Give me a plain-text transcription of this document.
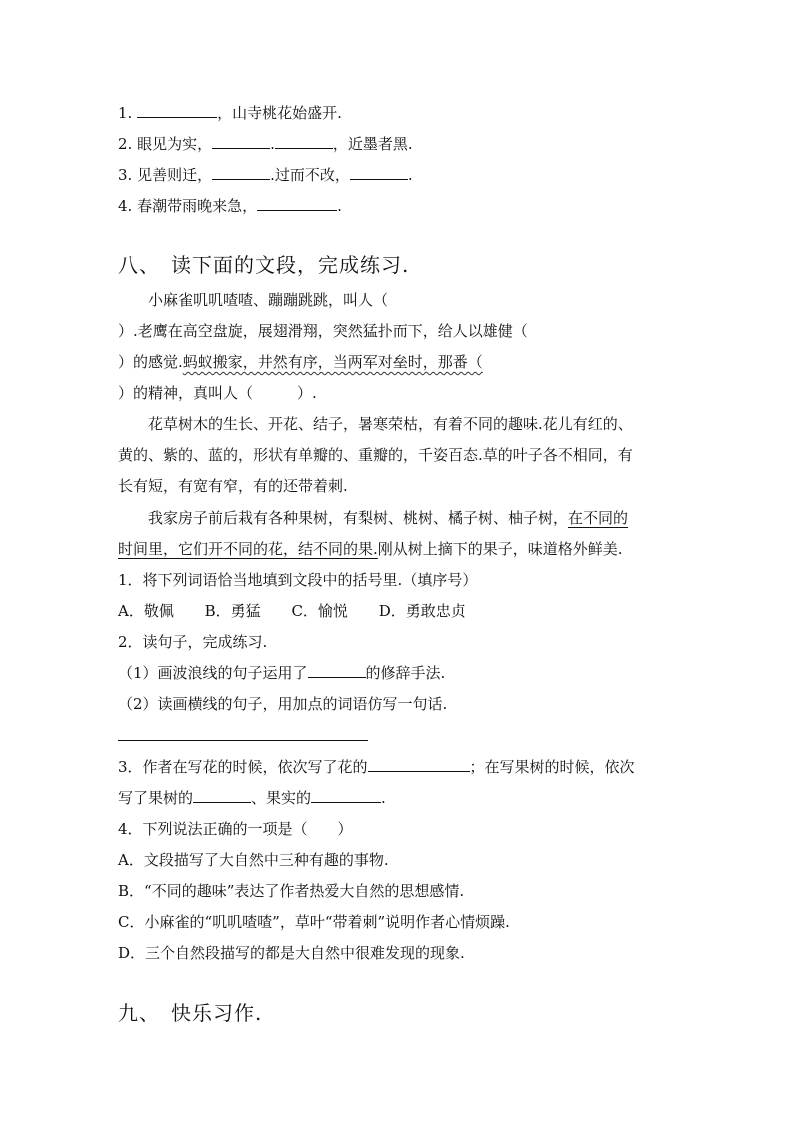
1.	，山寺桃花始盛开.
2. 眼见为实，	.	，近墨者黑.
3. 见善则迁，	.过而不改，	.
4. 春潮带雨晚来急，	.
八、　读下面的文段，完成练习.
小麻雀叽叽喳喳、蹦蹦跳跳，叫人（
）.老鹰在高空盘旋，展翅滑翔，突然猛扑而下，给人以雄健（
）的感觉.蚂蚁搬家，井然有序，当两军对垒时，那番（
）的精神，真叫人（	）.
花草树木的生长、开花、结子，暑寒荣枯，有着不同的趣味.花儿有红的、
黄的、紫的、蓝的，形状有单瓣的、重瓣的，千姿百态.草的叶子各不相同，有
长有短，有宽有窄，有的还带着刺.
我家房子前后栽有各种果树，有梨树、桃树、橘子树、柚子树，在不同的
时间里，它们开不同的花，结不同的果.刚从树上摘下的果子，味道格外鲜美.
1．将下列词语恰当地填到文段中的括号里.（填序号）
A．敬佩 B．勇猛 C．愉悦 D．勇敢忠贞
2．读句子，完成练习.
（1）画波浪线的句子运用了	的修辞手法.
（2）读画横线的句子，用加点的词语仿写一句话.
3．作者在写花的时候，依次写了花的	；在写果树的时候，依次
写了果树的	、果实的	.
4．下列说法正确的一项是（　　）
A．文段描写了大自然中三种有趣的事物.
B．“不同的趣味”表达了作者热爱大自然的思想感情.
C．小麻雀的“叽叽喳喳”，草叶“带着刺”说明作者心情烦躁.
D．三个自然段描写的都是大自然中很难发现的现象.
九、　快乐习作.
